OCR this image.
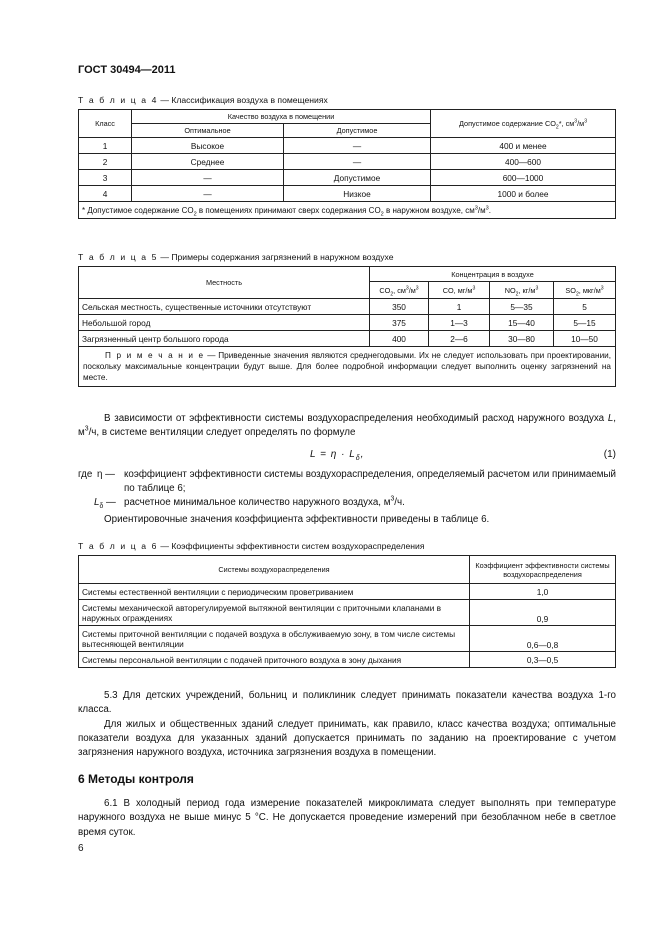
ГОСТ 30494—2011
Т а б л и ц а 4 — Классификация воздуха в помещениях
Класс	Качество воздуха в помещении		Допустимое содержание $CO_2*$, $см^3/м^3$
	Оптимальное	Допустимое	
1	Высокое	—	400 и менее
2	Среднее	—	400—600
3	—	Допустимое	600—1000
4	—	Низкое	1000 и более
* Допустимое содержание $CO_2$ в помещениях принимают сверх содержания $CO_2$ в наружном воздухе, $см^3/м^3$.			
Т а б л и ц а 5 — Примеры содержания загрязнений в наружном воздухе
Местность	Концентрация в воздухе			
	$CO_2$, $см^3/м^3$	CO, $мг/м^3$	$NO_2$, $кг/м^3$	$SO_2$, мкг/$м^3$
Сельская местность, существенные источники отсутствуют	350	1	5—35	5
Небольшой город	375	1—3	15—40	5—15
Загрязненный центр большого города	400	2—6	30—80	10—50
П р и м е ч а н и е — Приведенные значения являются среднегодовыми. Их не следует использовать при проектировании, поскольку максимальные концентрации будут выше. Для более подробной информации следует выполнить оценку загрязнений на месте.				

В зависимости от эффективности системы воздухораспределения необходимый расход наружного воздуха L, $м^3/ч$, в системе вентиляции следует определять по формуле

$L = \eta \cdot L_\delta$,	(1)
где η — коэффициент эффективности системы воздухораспределения, определяемый расчетом или принимаемый по таблице 6;
$L_\delta$ — расчетное минимальное количество наружного воздуха, $м^3/ч$.
Ориентировочные значения коэффициента эффективности приведены в таблице 6.
Т а б л и ц а 6 — Коэффициенты эффективности систем воздухораспределения
Системы воздухораспределения	Коэффициент эффективности системы воздухораспределения
Системы естественной вентиляции с периодическим проветриванием	1,0
Системы механической авторегулируемой вытяжной вентиляции с приточными клапанами в наружных ограждениях	0,9
Системы приточной вентиляции с подачей воздуха в обслуживаемую зону, в том числе системы вытесняющей вентиляции	0,6—0,8
Системы персональной вентиляции с подачей приточного воздуха в зону дыхания	0,3—0,5

5.3 Для детских учреждений, больниц и поликлиник следует принимать показатели качества воздуха 1-го класса.

Для жилых и общественных зданий следует принимать, как правило, класс качества воздуха; оптимальные показатели воздуха для указанных зданий допускается принимать по заданию на проектирование с учетом загрязнения наружного воздуха, источника загрязнения воздуха в помещении.

6 Методы контроля

6.1 В холодный период года измерение показателей микроклимата следует выполнять при температуре наружного воздуха не выше минус 5 °С. Не допускается проведение измерений при безоблачном небе в светлое время суток.

6
